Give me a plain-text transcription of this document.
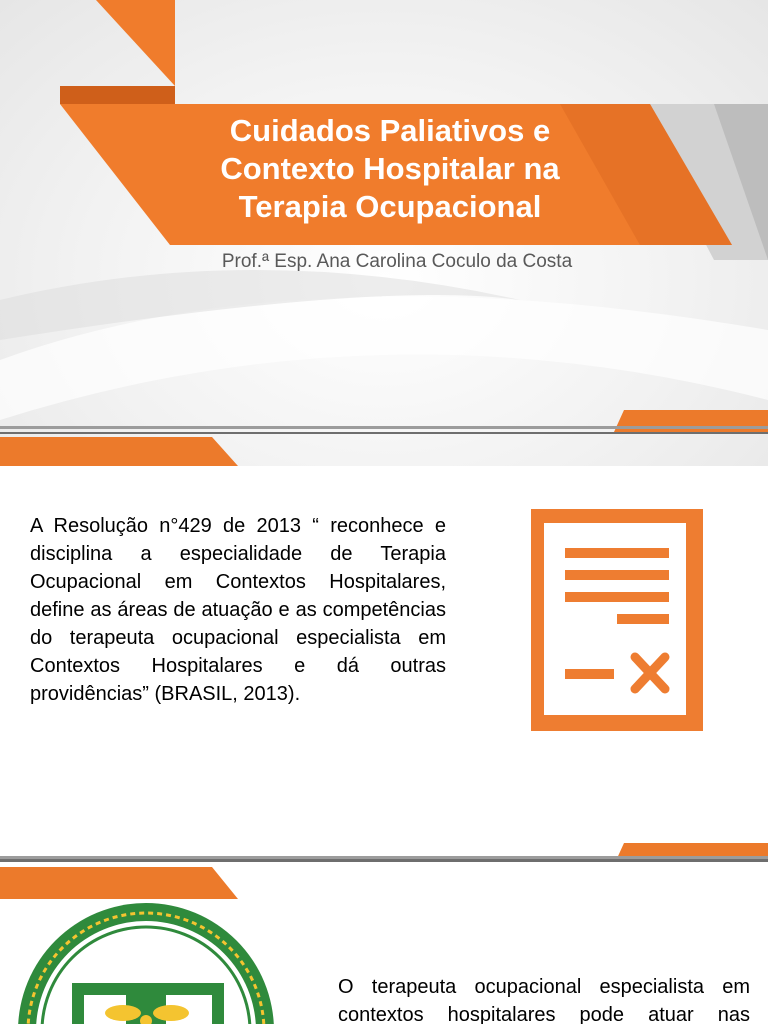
Cuidados Paliativos e
Contexto Hospitalar na
Terapia Ocupacional
Prof.ª Esp. Ana Carolina Coculo da Costa

A Resolução n°429 de 2013 “ reconhece e disciplina a especialidade de Terapia Ocupacional em Contextos Hospitalares, define as áreas de atuação e as competências do terapeuta ocupacional especialista em Contextos Hospitalares e dá outras providências” (BRASIL, 2013).

O terapeuta ocupacional especialista em contextos hospitalares pode atuar nas
